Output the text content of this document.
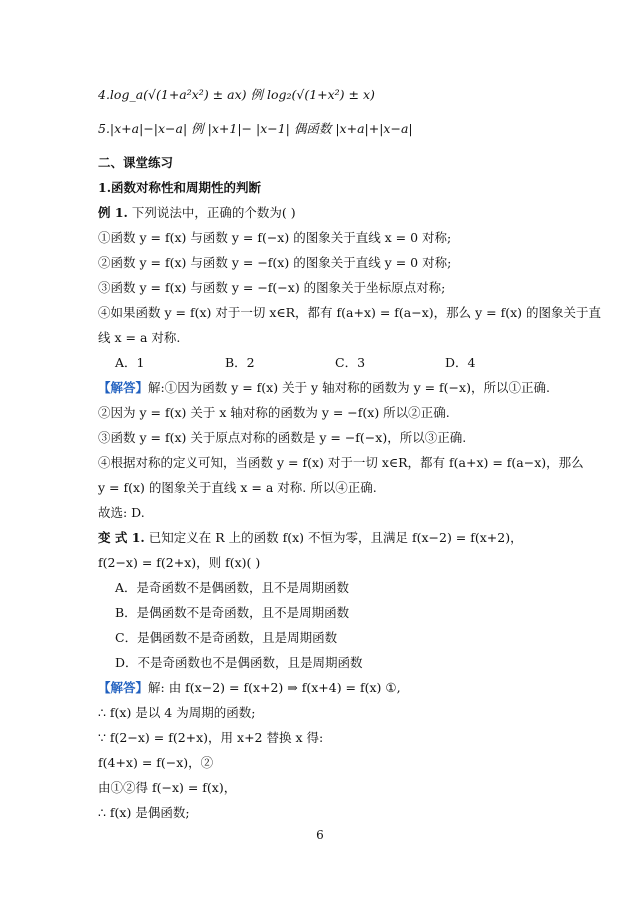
4.log_a(√(1+a²x²) ± ax) 例 log₂(√(1+x²) ± x)
5.|x+a|−|x−a| 例 |x+1|− |x−1| 偶函数 |x+a|+|x−a|
二、课堂练习
1.函数对称性和周期性的判断
例 1. 下列说法中，正确的个数为( )
①函数 y = f(x) 与函数 y = f(−x) 的图象关于直线 x = 0 对称;
②函数 y = f(x) 与函数 y = −f(x) 的图象关于直线 y = 0 对称;
③函数 y = f(x) 与函数 y = −f(−x) 的图象关于坐标原点对称;
④如果函数 y = f(x) 对于一切 x∈R，都有 f(a+x) = f(a−x)，那么 y = f(x) 的图象关于直
线 x = a 对称.
A．1	B．2	C．3	D．4
【解答】解:①因为函数 y = f(x) 关于 y 轴对称的函数为 y = f(−x)，所以①正确.
②因为 y = f(x) 关于 x 轴对称的函数为 y = −f(x) 所以②正确.
③函数 y = f(x) 关于原点对称的函数是 y = −f(−x)，所以③正确.
④根据对称的定义可知，当函数 y = f(x) 对于一切 x∈R，都有 f(a+x) = f(a−x)，那么
y = f(x) 的图象关于直线 x = a 对称. 所以④正确.
故选: D.
变 式 1. 已知定义在 R 上的函数 f(x) 不恒为零，且满足 f(x−2) = f(x+2)，
f(2−x) = f(2+x)，则 f(x)( )
A．是奇函数不是偶函数，且不是周期函数
B．是偶函数不是奇函数，且不是周期函数
C．是偶函数不是奇函数，且是周期函数
D．不是奇函数也不是偶函数，且是周期函数
【解答】解: 由 f(x−2) = f(x+2) ⇒ f(x+4) = f(x) ①,
∴ f(x) 是以 4 为周期的函数;
∵ f(2−x) = f(2+x)，用 x+2 替换 x 得:
f(4+x) = f(−x)，②
由①②得 f(−x) = f(x)，
∴ f(x) 是偶函数;
6
